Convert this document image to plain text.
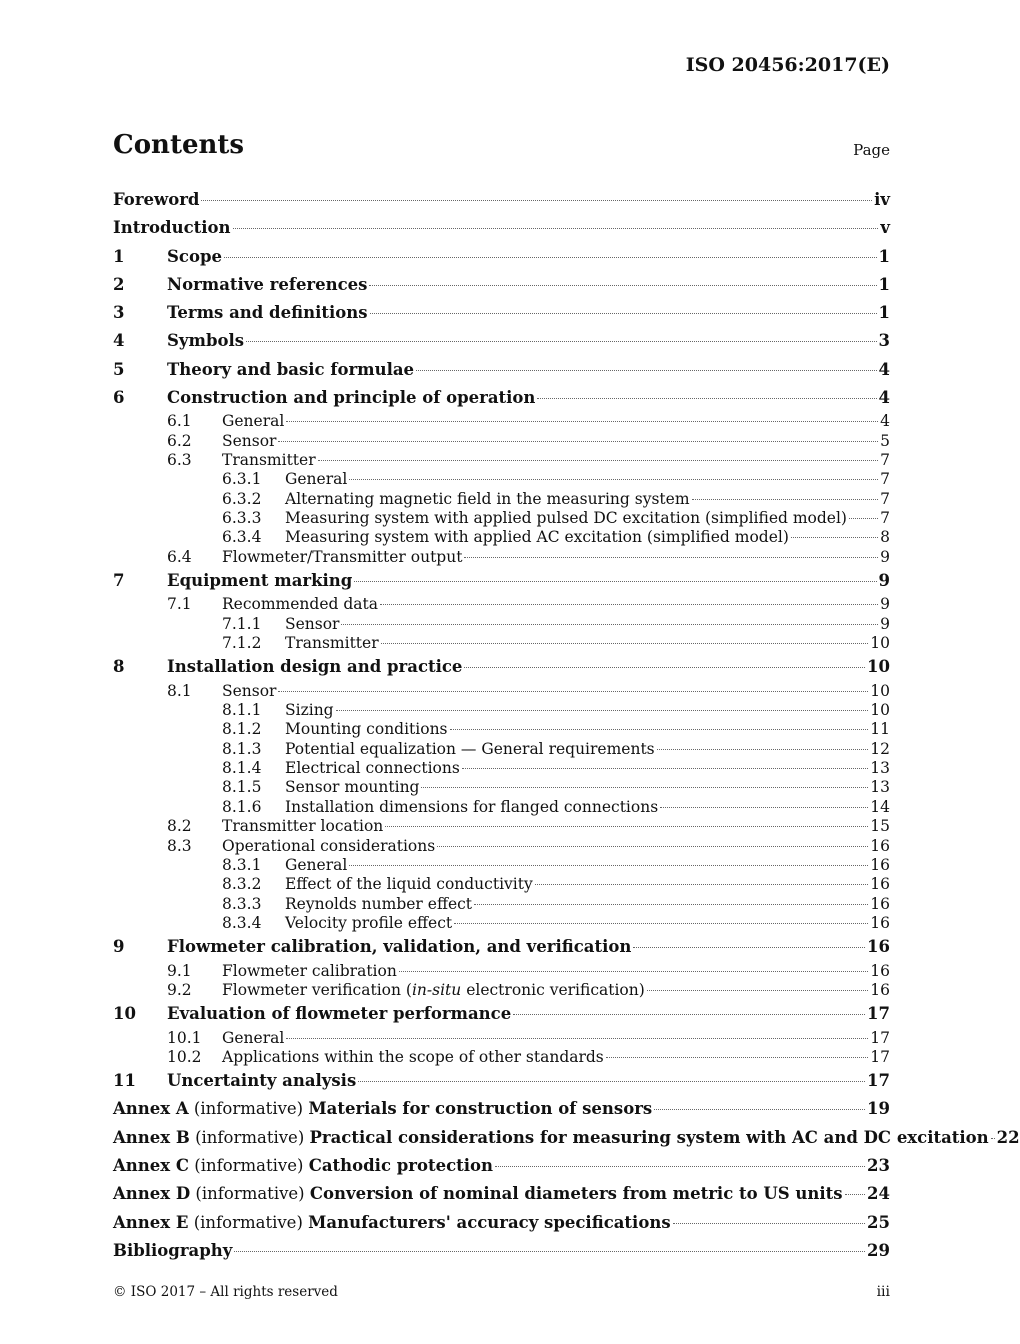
ISO 20456:2017(E)
Contents	Page
Foreword	iv
Introduction	v
1	Scope	1
2	Normative references	1
3	Terms and definitions	1
4	Symbols	3
5	Theory and basic formulae	4
6	Construction and principle of operation	4
6.1	General	4
6.2	Sensor	5
6.3	Transmitter	7
6.3.1	General	7
6.3.2	Alternating magnetic field in the measuring system	7
6.3.3	Measuring system with applied pulsed DC excitation (simplified model) 7
6.3.4	Measuring system with applied AC excitation (simplified model)	8
6.4	Flowmeter/Transmitter output	9
7	Equipment marking	9
7.1	Recommended data	9
7.1.1	Sensor	9
7.1.2	Transmitter	10
8	Installation design and practice	10
8.1	Sensor	10
8.1.1	Sizing	10
8.1.2	Mounting conditions	11
8.1.3	Potential equalization — General requirements	12
8.1.4	Electrical connections	13
8.1.5	Sensor mounting	13
8.1.6	Installation dimensions for flanged connections	14
8.2	Transmitter location	15
8.3	Operational considerations	16
8.3.1	General	16
8.3.2	Effect of the liquid conductivity	16
8.3.3	Reynolds number effect	16
8.3.4	Velocity profile effect	16
9	Flowmeter calibration, validation, and verification	16
9.1	Flowmeter calibration	16
9.2	Flowmeter verification (in-situ electronic verification)	16
10	Evaluation of flowmeter performance	17
10.1	General	17
10.2	Applications within the scope of other standards	17
11	Uncertainty analysis	17
Annex A (informative) Materials for construction of sensors	19
Annex B (informative) Practical considerations for measuring system with AC and DC excitation 22
Annex C (informative) Cathodic protection	23
Annex D (informative) Conversion of nominal diameters from metric to US units 24
Annex E (informative) Manufacturers' accuracy specifications	25
Bibliography	29
© ISO 2017 – All rights reserved	iii
